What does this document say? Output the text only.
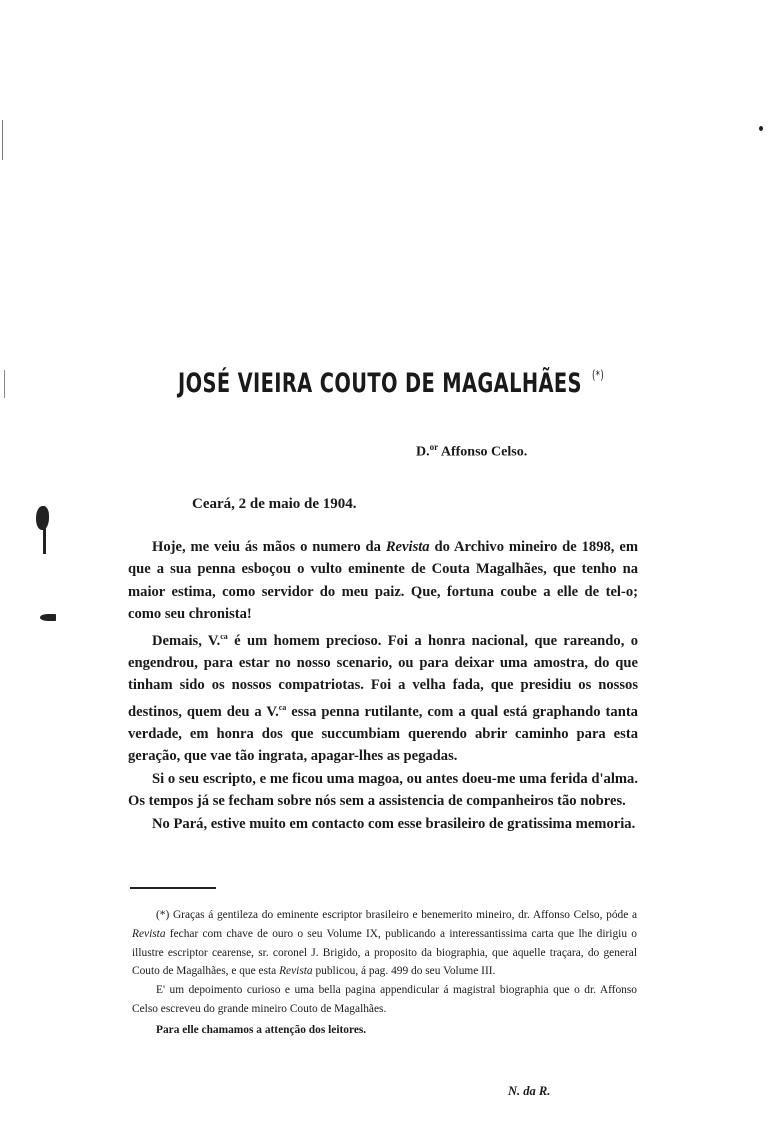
JOSÉ VIEIRA COUTO DE MAGALHÃES (*)
D.$^{or}$ Affonso Celso.
Ceará, 2 de maio de 1904.

Hoje, me veiu ás mãos o numero da Revista do Archivo mineiro de 1898, em que a sua penna esboçou o vulto eminente de Couta Magalhães, que tenho na maior estima, como servidor do meu paiz. Que, fortuna coube a elle de tel-o; como seu chronista!

Demais, V.$^{ca}$ é um homem precioso. Foi a honra nacional, que rareando, o engendrou, para estar no nosso scenario, ou para deixar uma amostra, do que tinham sido os nossos compatriotas. Foi a velha fada, que presidiu os nossos destinos, quem deu a V.$^{ca}$ essa penna rutilante, com a qual está graphando tanta verdade, em honra dos que succumbiam querendo abrir caminho para esta geração, que vae tão ingrata, apagar-lhes as pegadas.

Si o seu escripto, e me ficou uma magoa, ou antes doeu-me uma ferida d'alma. Os tempos já se fecham sobre nós sem a assistencia de companheiros tão nobres.

No Pará, estive muito em contacto com esse brasileiro de gratissima memoria.

(*) Graças á gentileza do eminente escriptor brasileiro e benemerito mineiro, dr. Affonso Celso, póde a Revista fechar com chave de ouro o seu Volume IX, publicando a interessantissima carta que lhe dirigiu o illustre escriptor cearense, sr. coronel J. Brigido, a proposito da biographia, que aquelle traçara, do general Couto de Magalhães, e que esta Revista publicou, á pag. 499 do seu Volume III.

E' um depoimento curioso e uma bella pagina appendicular á magistral biographia que o dr. Affonso Celso escreveu do grande mineiro Couto de Magalhães.

Para elle chamamos a attenção dos leitores.

N. da R.
